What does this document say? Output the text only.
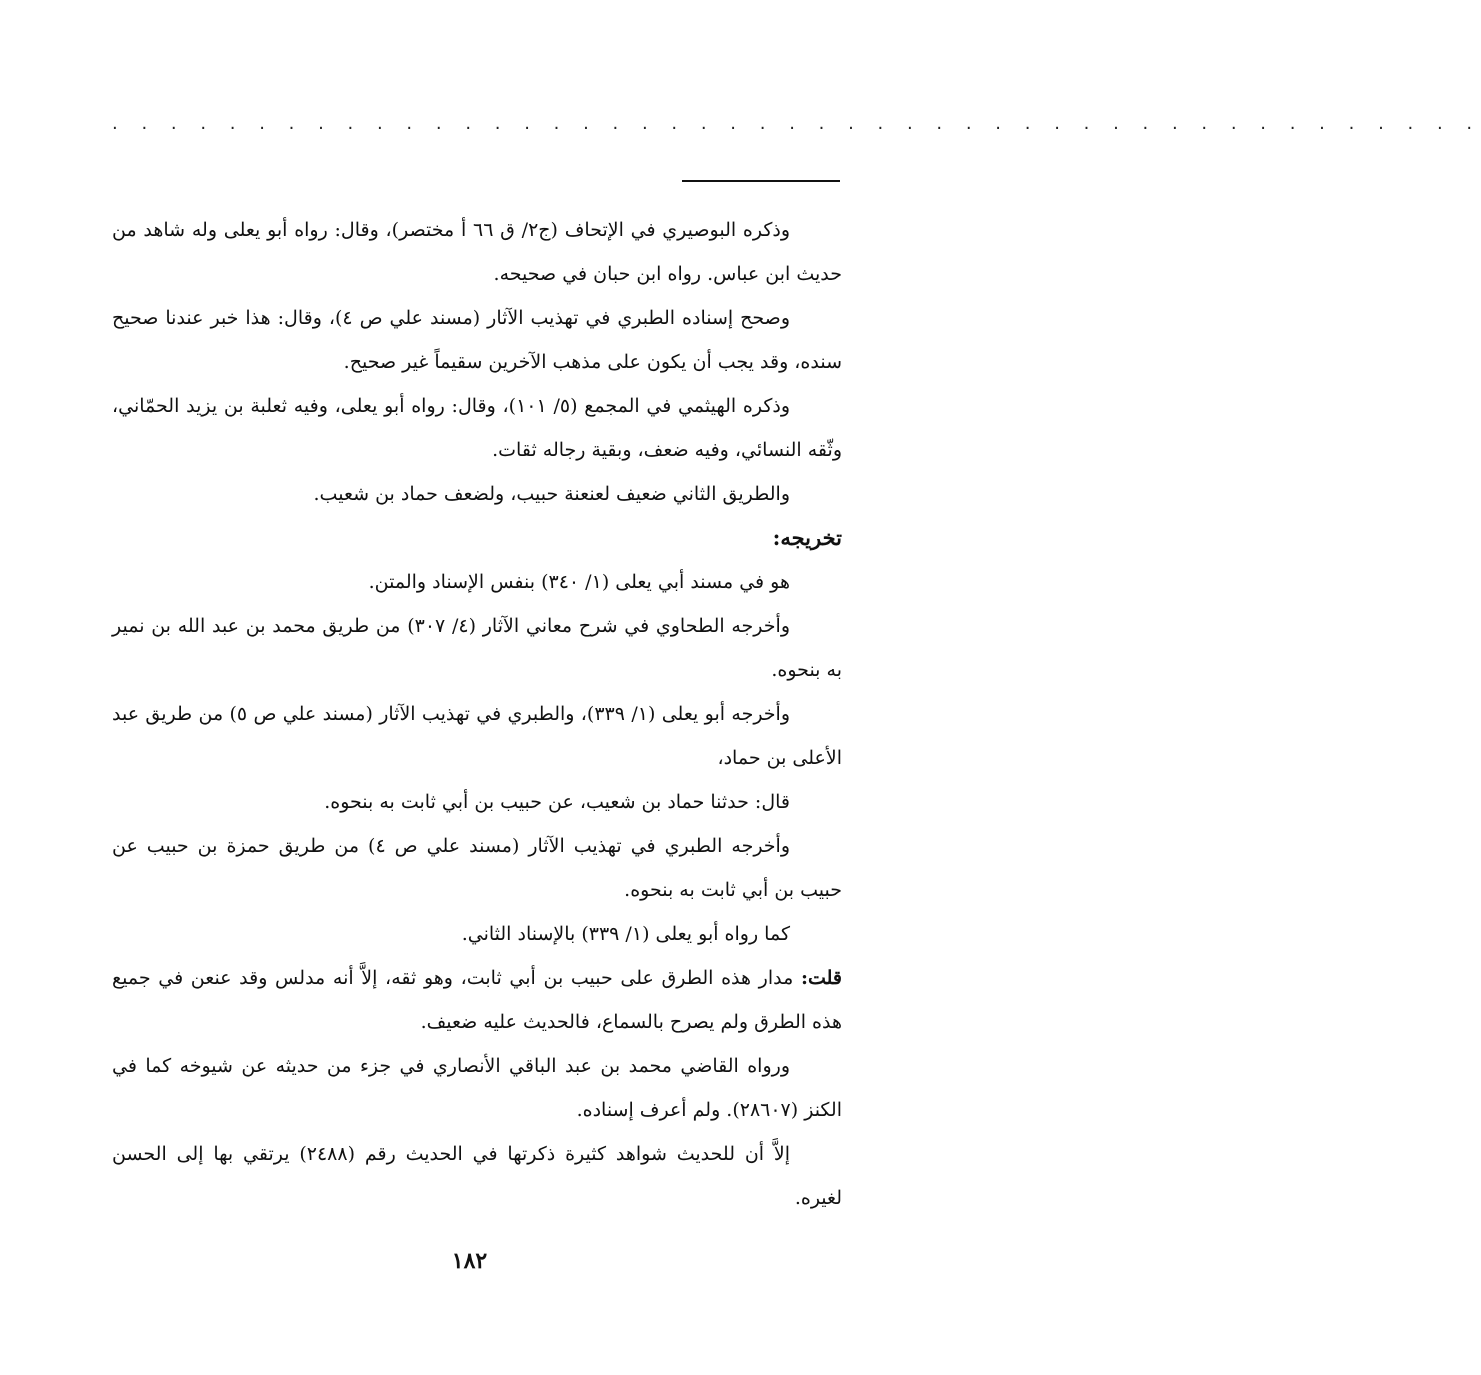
· · · · · · · · · · · · · · · · · · · · · · · · · · · · · · · · · · · · · · · · · · · · · · ·

وذكره البوصيري في الإتحاف (ج٢/ ق ٦٦ أ مختصر)، وقال: رواه أبو يعلى وله شاهد من حديث ابن عباس. رواه ابن حبان في صحيحه.

وصحح إسناده الطبري في تهذيب الآثار (مسند علي ص ٤)، وقال: هذا خبر عندنا صحيح سنده، وقد يجب أن يكون على مذهب الآخرين سقيماً غير صحيح.

وذكره الهيثمي في المجمع (٥/ ١٠١)، وقال: رواه أبو يعلى، وفيه ثعلبة بن يزيد الحمّاني، وثّقه النسائي، وفيه ضعف، وبقية رجاله ثقات.

والطريق الثاني ضعيف لعنعنة حبيب، ولضعف حماد بن شعيب.

تخريجه:

هو في مسند أبي يعلى (١/ ٣٤٠) بنفس الإسناد والمتن.

وأخرجه الطحاوي في شرح معاني الآثار (٤/ ٣٠٧) من طريق محمد بن عبد الله بن نمير به بنحوه.

وأخرجه أبو يعلى (١/ ٣٣٩)، والطبري في تهذيب الآثار (مسند علي ص ٥) من طريق عبد الأعلى بن حماد،

قال: حدثنا حماد بن شعيب، عن حبيب بن أبي ثابت به بنحوه.

وأخرجه الطبري في تهذيب الآثار (مسند علي ص ٤) من طريق حمزة بن حبيب عن حبيب بن أبي ثابت به بنحوه.

كما رواه أبو يعلى (١/ ٣٣٩) بالإسناد الثاني.

قلت: مدار هذه الطرق على حبيب بن أبي ثابت، وهو ثقه، إلاَّ أنه مدلس وقد عنعن في جميع هذه الطرق ولم يصرح بالسماع، فالحديث عليه ضعيف.

ورواه القاضي محمد بن عبد الباقي الأنصاري في جزء من حديثه عن شيوخه كما في الكنز (٢٨٦٠٧). ولم أعرف إسناده.

إلاَّ أن للحديث شواهد كثيرة ذكرتها في الحديث رقم (٢٤٨٨) يرتقي بها إلى الحسن لغيره.

١٨٢
